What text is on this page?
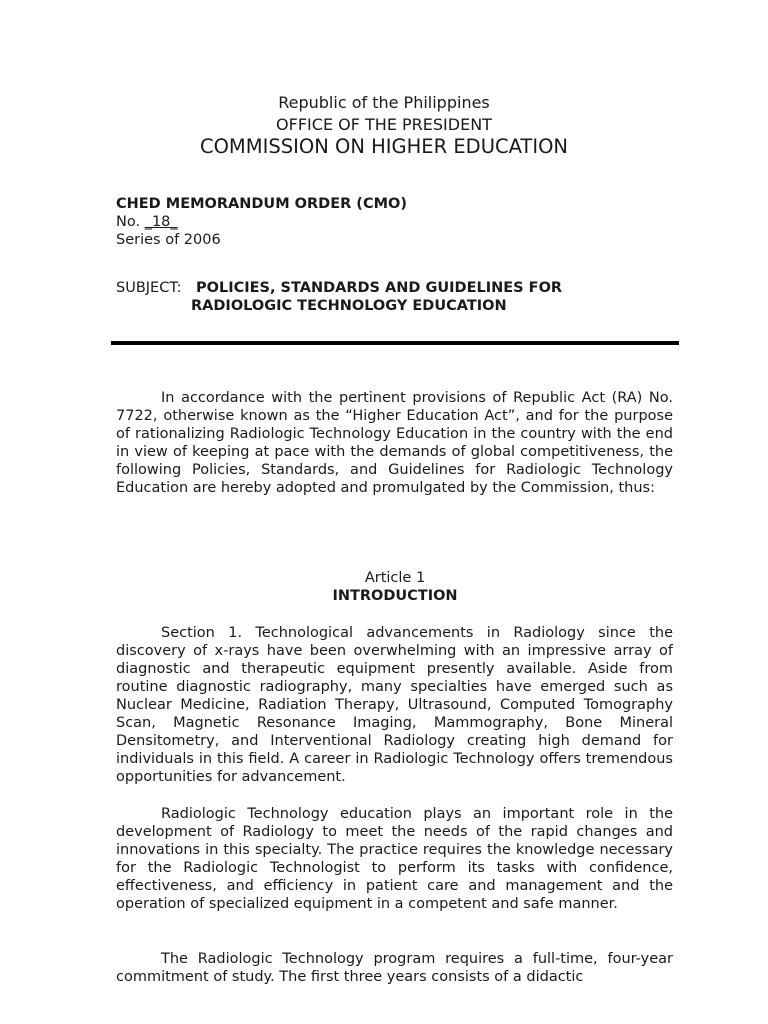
Republic of the Philippines
OFFICE OF THE PRESIDENT
COMMISSION ON HIGHER EDUCATION
CHED MEMORANDUM ORDER (CMO)
No. _18_
Series of 2006
SUBJECT: POLICIES, STANDARDS AND GUIDELINES FOR
RADIOLOGIC TECHNOLOGY EDUCATION

In accordance with the pertinent provisions of Republic Act (RA) No. 7722, otherwise known as the “Higher Education Act”, and for the purpose of rationalizing Radiologic Technology Education in the country with the end in view of keeping at pace with the demands of global competitiveness, the following Policies, Standards, and Guidelines for Radiologic Technology Education are hereby adopted and promulgated by the Commission, thus:

Article 1
INTRODUCTION

Section 1. Technological advancements in Radiology since the discovery of x-rays have been overwhelming with an impressive array of diagnostic and therapeutic equipment presently available. Aside from routine diagnostic radiography, many specialties have emerged such as Nuclear Medicine, Radiation Therapy, Ultrasound, Computed Tomography Scan, Magnetic Resonance Imaging, Mammography, Bone Mineral Densitometry, and Interventional Radiology creating high demand for individuals in this field. A career in Radiologic Technology offers tremendous opportunities for advancement.

Radiologic Technology education plays an important role in the development of Radiology to meet the needs of the rapid changes and innovations in this specialty. The practice requires the knowledge necessary for the Radiologic Technologist to perform its tasks with confidence, effectiveness, and efficiency in patient care and management and the operation of specialized equipment in a competent and safe manner.

The Radiologic Technology program requires a full-time, four-year commitment of study. The first three years consists of a didactic
